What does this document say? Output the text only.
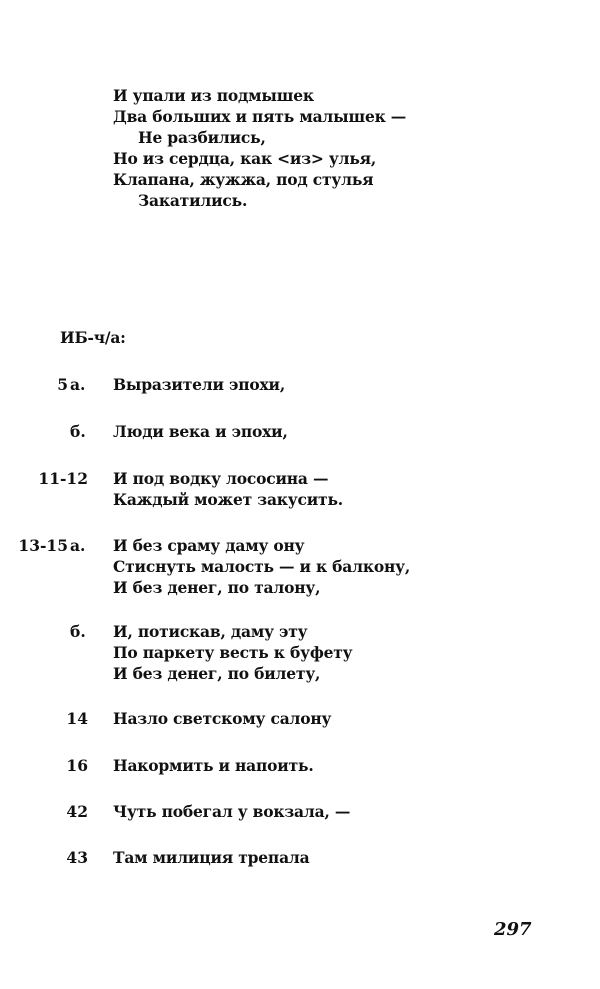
И упали из подмышек
Два больших и пять малышек —
Не разбились,
Но из сердца, как <из> улья,
Клапана, жужжа, под стулья
Закатились.
ИБ-ч/а:
5 а. Выразители эпохи,
б. Люди века и эпохи,
11-12 И под водку лососина —
Каждый может закусить.
13-15 а. И без сраму даму ону
Стиснуть малость — и к балкону,
И без денег, по талону,
б. И, потискав, даму эту
По паркету весть к буфету
И без денег, по билету,
14 Назло светскому салону
16 Накормить и напоить.
42 Чуть побегал у вокзала, —
43 Там милиция трепала
297
